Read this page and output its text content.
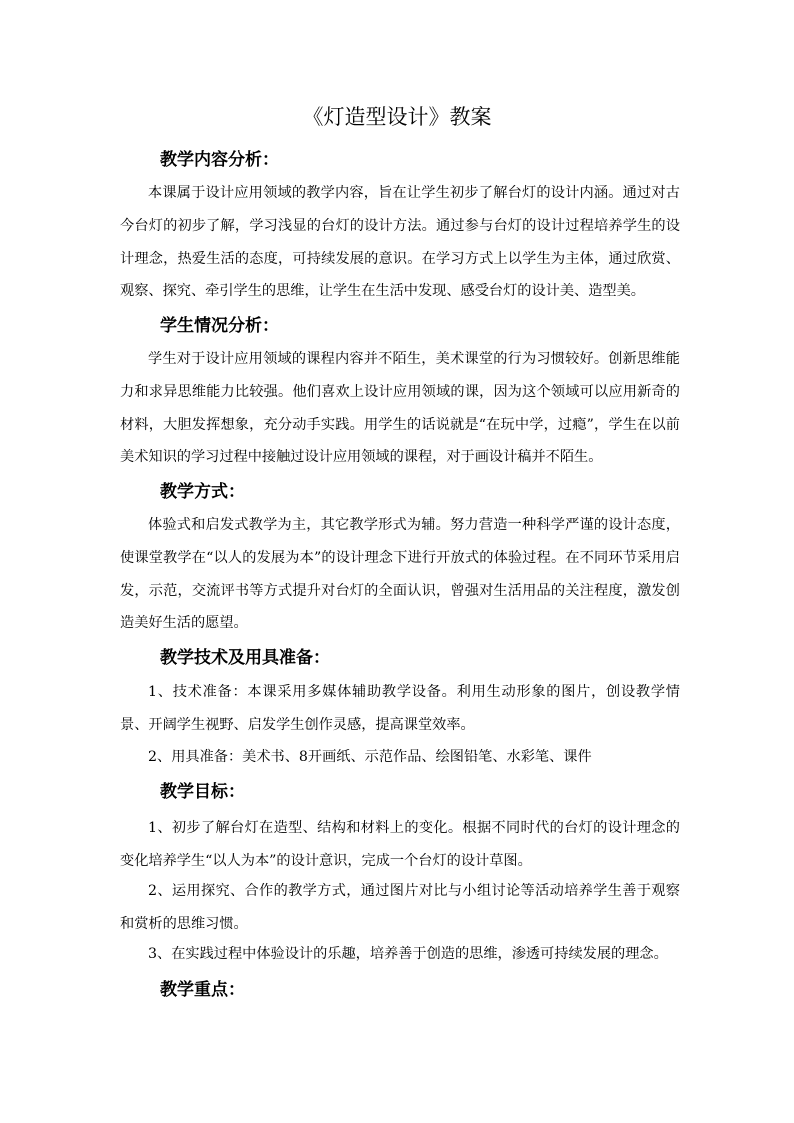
《灯造型设计》教案
教学内容分析：
本课属于设计应用领域的教学内容，旨在让学生初步了解台灯的设计内涵。通过对古今台灯的初步了解，学习浅显的台灯的设计方法。通过参与台灯的设计过程培养学生的设计理念，热爱生活的态度，可持续发展的意识。在学习方式上以学生为主体，通过欣赏、观察、探究、牵引学生的思维，让学生在生活中发现、感受台灯的设计美、造型美。
学生情况分析：
学生对于设计应用领域的课程内容并不陌生，美术课堂的行为习惯较好。创新思维能力和求异思维能力比较强。他们喜欢上设计应用领域的课，因为这个领域可以应用新奇的材料，大胆发挥想象，充分动手实践。用学生的话说就是“在玩中学，过瘾”，学生在以前美术知识的学习过程中接触过设计应用领域的课程，对于画设计稿并不陌生。
教学方式：
体验式和启发式教学为主，其它教学形式为辅。努力营造一种科学严谨的设计态度，使课堂教学在“以人的发展为本”的设计理念下进行开放式的体验过程。在不同环节采用启发，示范，交流评书等方式提升对台灯的全面认识，曾强对生活用品的关注程度，激发创造美好生活的愿望。
教学技术及用具准备：
1、技术准备：本课采用多媒体辅助教学设备。利用生动形象的图片，创设教学情景、开阔学生视野、启发学生创作灵感，提高课堂效率。
2、用具准备：美术书、8开画纸、示范作品、绘图铅笔、水彩笔、课件
教学目标：
1、初步了解台灯在造型、结构和材料上的变化。根据不同时代的台灯的设计理念的变化培养学生“以人为本”的设计意识，完成一个台灯的设计草图。
2、运用探究、合作的教学方式，通过图片对比与小组讨论等活动培养学生善于观察和赏析的思维习惯。
3、在实践过程中体验设计的乐趣，培养善于创造的思维，渗透可持续发展的理念。
教学重点：
